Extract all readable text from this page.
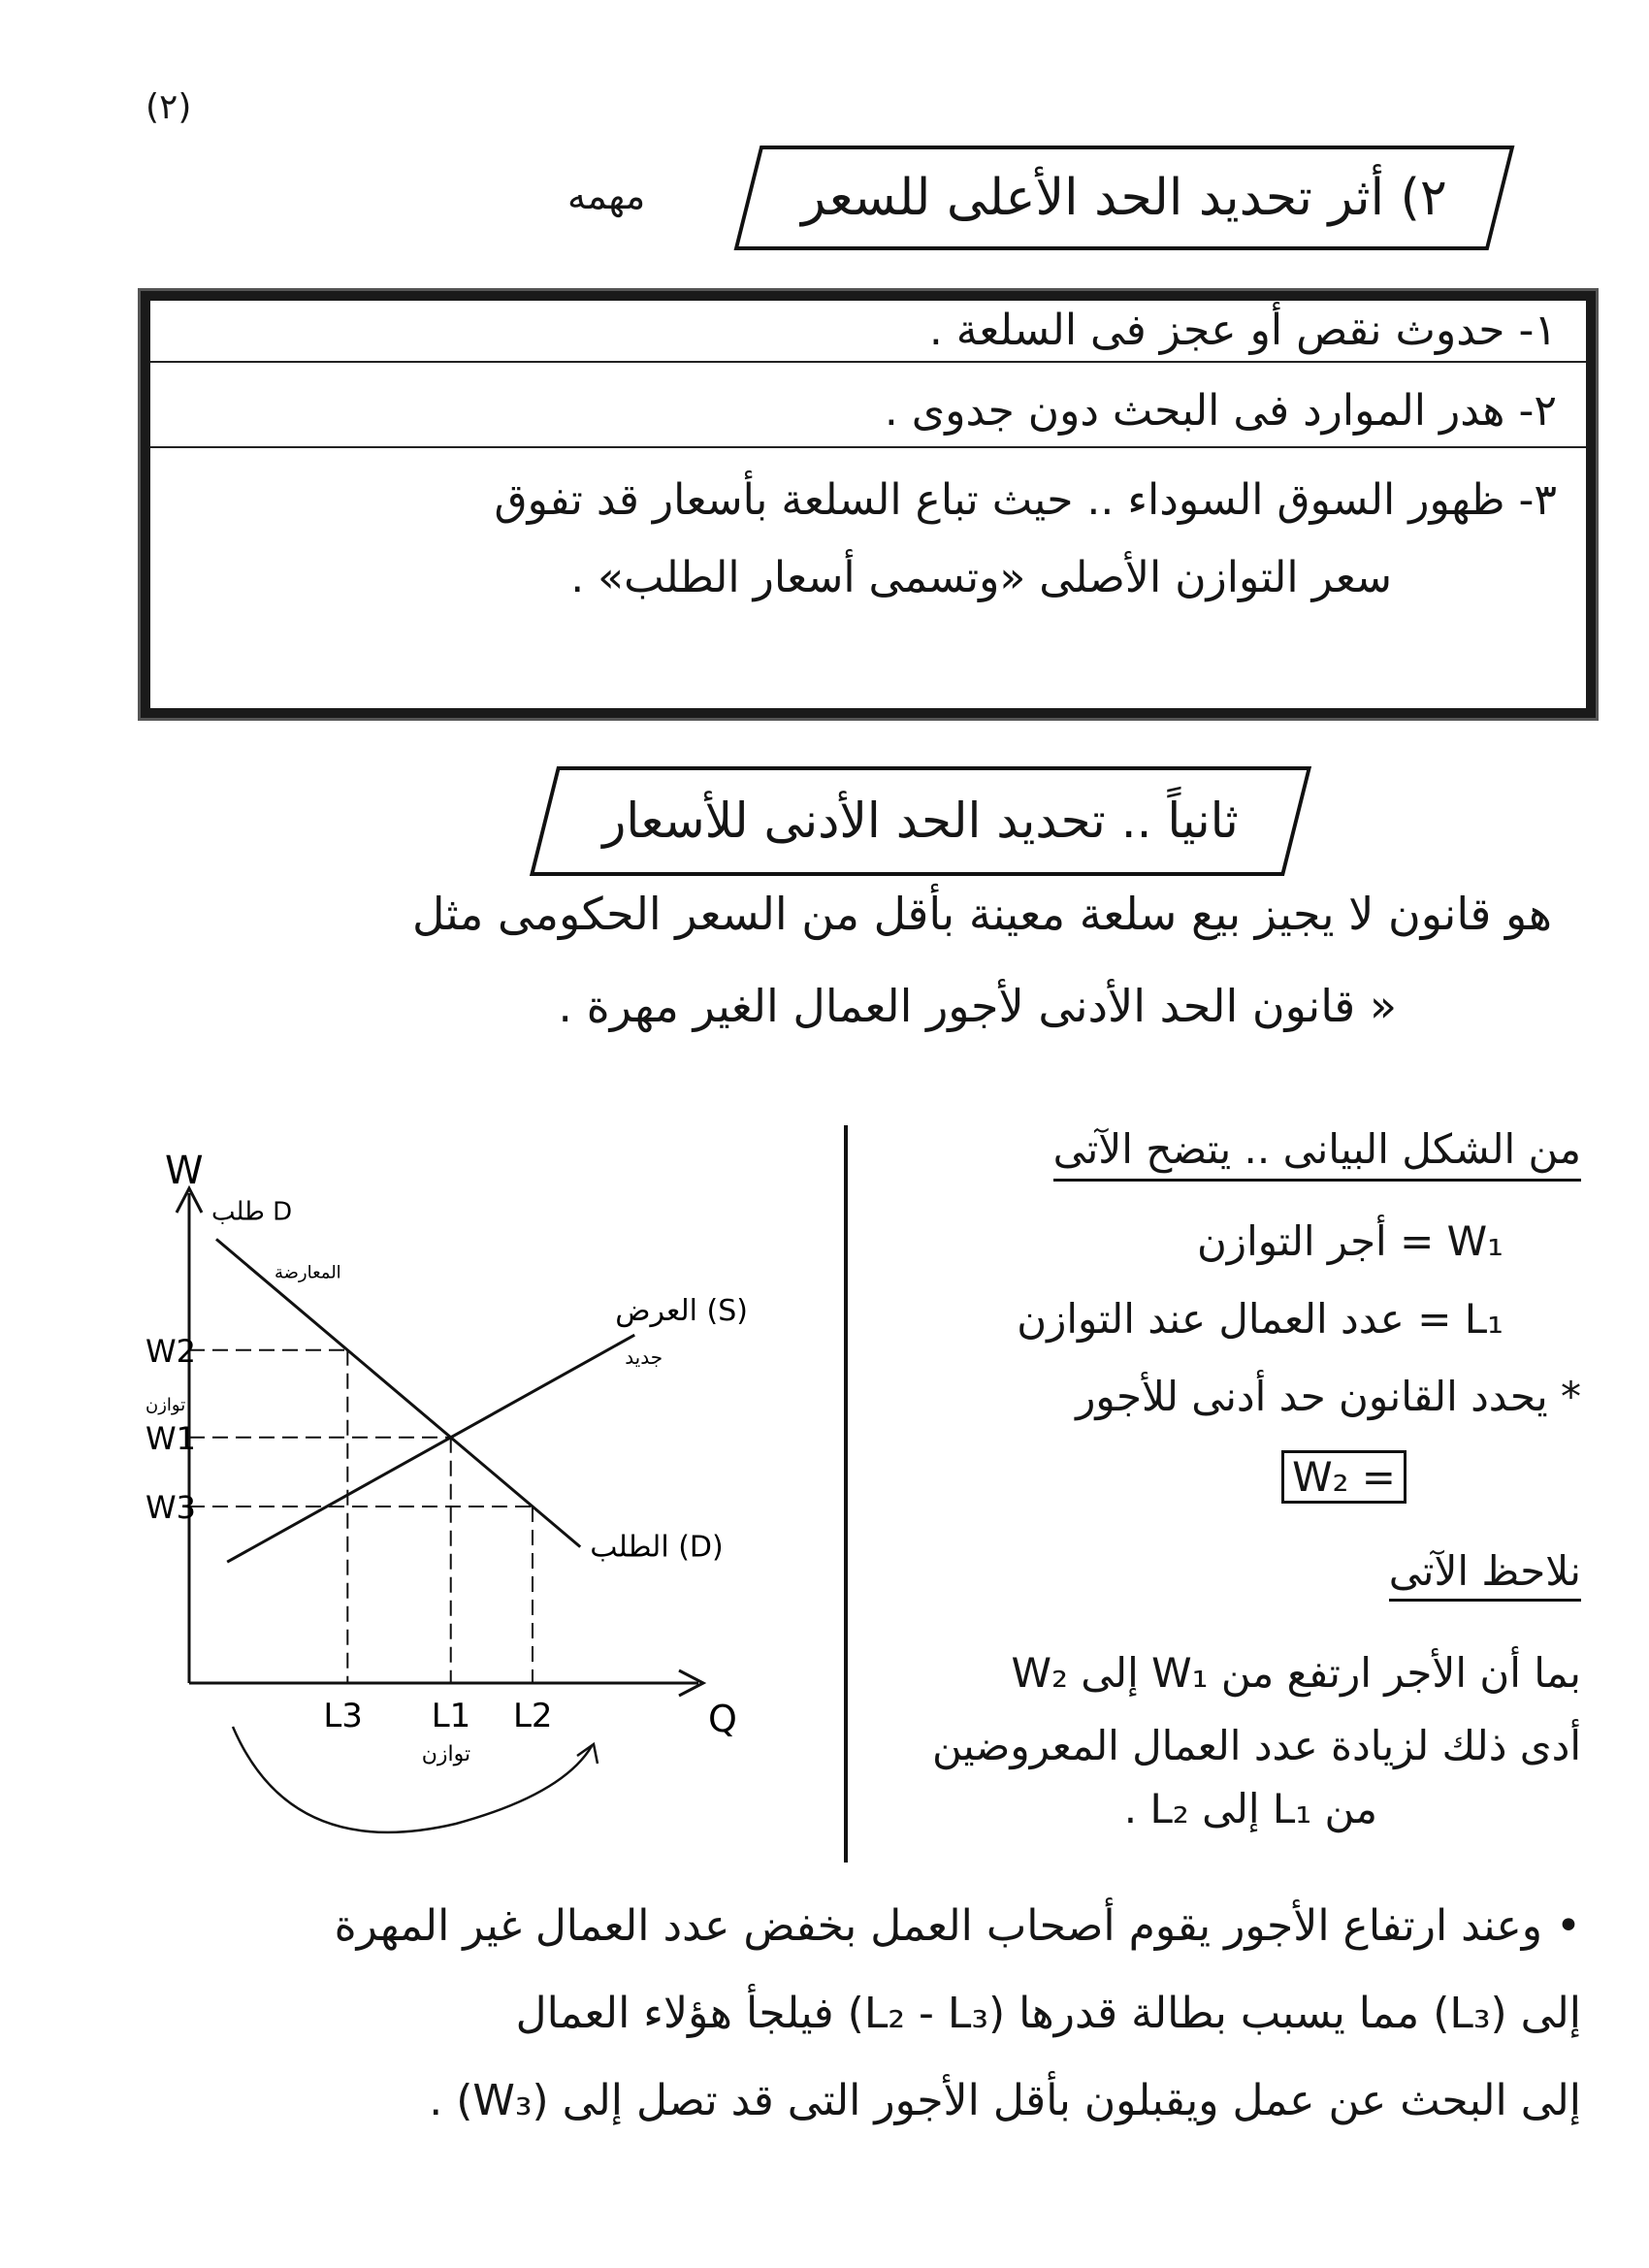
(٢)
مهمه	٢) أثر تحديد الحد الأعلى للسعر
١- حدوث نقص أو عجز فى السلعة .
٢- هدر الموارد فى البحث دون جدوى .
٣- ظهور السوق السوداء .. حيث تباع السلعة بأسعار قد تفوق
سعر التوازن الأصلى «وتسمى أسعار الطلب» .
ثانياً .. تحديد الحد الأدنى للأسعار
هو قانون لا يجيز بيع سلعة معينة بأقل من السعر الحكومى مثل
« قانون الحد الأدنى لأجور العمال الغير مهرة .
من الشكل البيانى .. يتضح الآتى
W₁ = أجر التوازن
L₁ = عدد العمال عند التوازن
* يحدد القانون حد أدنى للأجور
= W₂
نلاحظ الآتى
بما أن الأجر ارتفع من W₁ إلى W₂
أدى ذلك لزيادة عدد العمال المعروضين
من L₁ إلى L₂ .
W2
W1
W3
L3 L1 L2
توازن
توازن
الطلب (D)
طلب D
المعارضة
العرض (S)
جديد
W
Q
• وعند ارتفاع الأجور يقوم أصحاب العمل بخفض عدد العمال غير المهرة
إلى (L₃) مما يسبب بطالة قدرها (L₂ - L₃) فيلجأ هؤلاء العمال
إلى البحث عن عمل ويقبلون بأقل الأجور التى قد تصل إلى (W₃) .
